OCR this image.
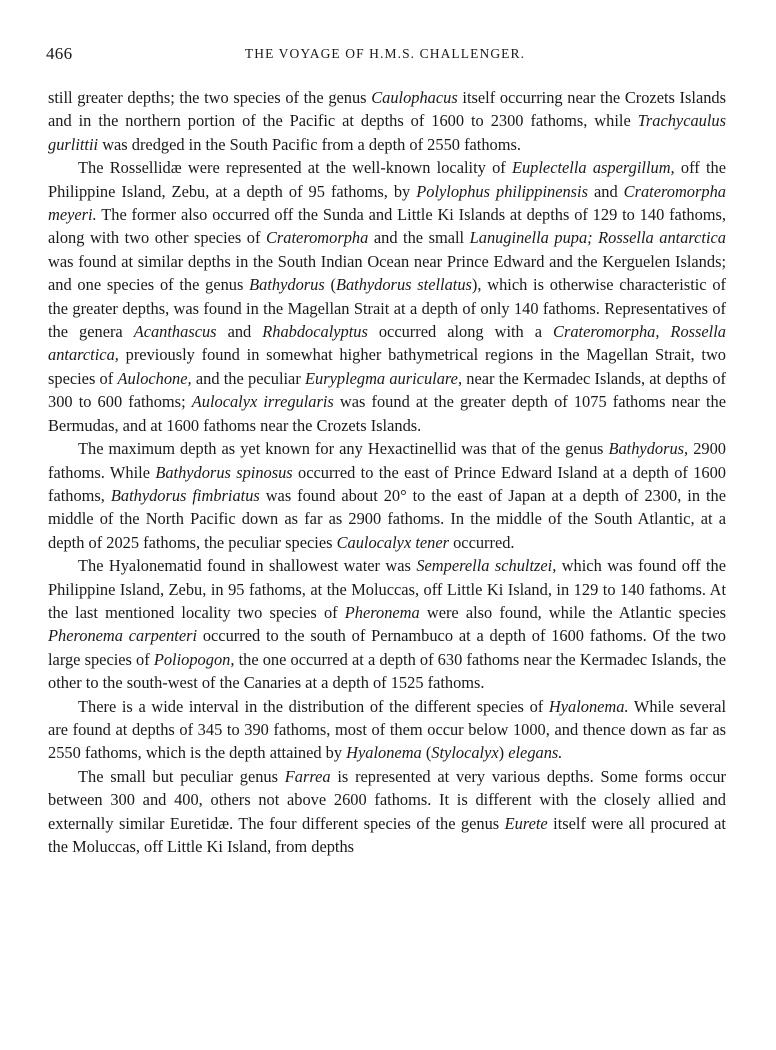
466	THE VOYAGE OF H.M.S. CHALLENGER.

still greater depths; the two species of the genus Caulophacus itself occurring near the Crozets Islands and in the northern portion of the Pacific at depths of 1600 to 2300 fathoms, while Trachycaulus gurlittii was dredged in the South Pacific from a depth of 2550 fathoms.

The Rossellidæ were represented at the well-known locality of Euplectella aspergillum, off the Philippine Island, Zebu, at a depth of 95 fathoms, by Polylophus philippinensis and Crateromorpha meyeri. The former also occurred off the Sunda and Little Ki Islands at depths of 129 to 140 fathoms, along with two other species of Crateromorpha and the small Lanuginella pupa; Rossella antarctica was found at similar depths in the South Indian Ocean near Prince Edward and the Kerguelen Islands; and one species of the genus Bathydorus (Bathydorus stellatus), which is otherwise characteristic of the greater depths, was found in the Magellan Strait at a depth of only 140 fathoms. Representatives of the genera Acanthascus and Rhabdocalyptus occurred along with a Crateromorpha, Rossella antarctica, previously found in somewhat higher bathymetrical regions in the Magellan Strait, two species of Aulochone, and the peculiar Euryplegma auriculare, near the Kermadec Islands, at depths of 300 to 600 fathoms; Aulocalyx irregularis was found at the greater depth of 1075 fathoms near the Bermudas, and at 1600 fathoms near the Crozets Islands.

The maximum depth as yet known for any Hexactinellid was that of the genus Bathydorus, 2900 fathoms. While Bathydorus spinosus occurred to the east of Prince Edward Island at a depth of 1600 fathoms, Bathydorus fimbriatus was found about 20° to the east of Japan at a depth of 2300, in the middle of the North Pacific down as far as 2900 fathoms. In the middle of the South Atlantic, at a depth of 2025 fathoms, the peculiar species Caulocalyx tener occurred.

The Hyalonematid found in shallowest water was Semperella schultzei, which was found off the Philippine Island, Zebu, in 95 fathoms, at the Moluccas, off Little Ki Island, in 129 to 140 fathoms. At the last mentioned locality two species of Pheronema were also found, while the Atlantic species Pheronema carpenteri occurred to the south of Pernambuco at a depth of 1600 fathoms. Of the two large species of Poliopogon, the one occurred at a depth of 630 fathoms near the Kermadec Islands, the other to the south-west of the Canaries at a depth of 1525 fathoms.

There is a wide interval in the distribution of the different species of Hyalonema. While several are found at depths of 345 to 390 fathoms, most of them occur below 1000, and thence down as far as 2550 fathoms, which is the depth attained by Hyalonema (Stylocalyx) elegans.

The small but peculiar genus Farrea is represented at very various depths. Some forms occur between 300 and 400, others not above 2600 fathoms. It is different with the closely allied and externally similar Euretidæ. The four different species of the genus Eurete itself were all procured at the Moluccas, off Little Ki Island, from depths
